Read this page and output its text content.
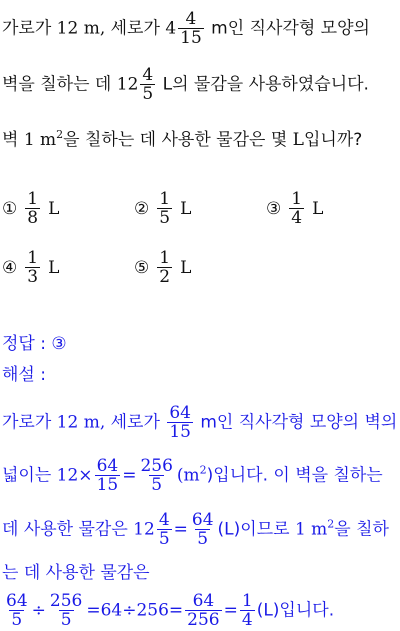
가로가 12 m, 세로가 $4 \frac{4}{15}$ m인 직사각형 모양의
벽을 칠하는 데 $12 \frac{4}{5}$ L의 물감을 사용하였습니다.
벽 1 $m^2$을 칠하는 데 사용한 물감은 몇 L입니까?
① $\frac{1}{8}$ L	② $\frac{1}{5}$ L	③ $\frac{1}{4}$ L
④ $\frac{1}{3}$ L	⑤ $\frac{1}{2}$ L
정답 : ③
해설 :
가로가 12 m, 세로가 $\frac{64}{15}$ m인 직사각형 모양의 벽의
넓이는 $12\times \frac{64}{15} = \frac{256}{5} (m^2)$입니다. 이 벽을 칠하는
데 사용한 물감은 $12 \frac{4}{5} = \frac{64}{5} (L)$이므로 1 $m^2$을 칠하
는 데 사용한 물감은
$\frac{64}{5} \div \frac{256}{5} =64\div 256= \frac{64}{256} = \frac{1}{4} (L)$입니다.
